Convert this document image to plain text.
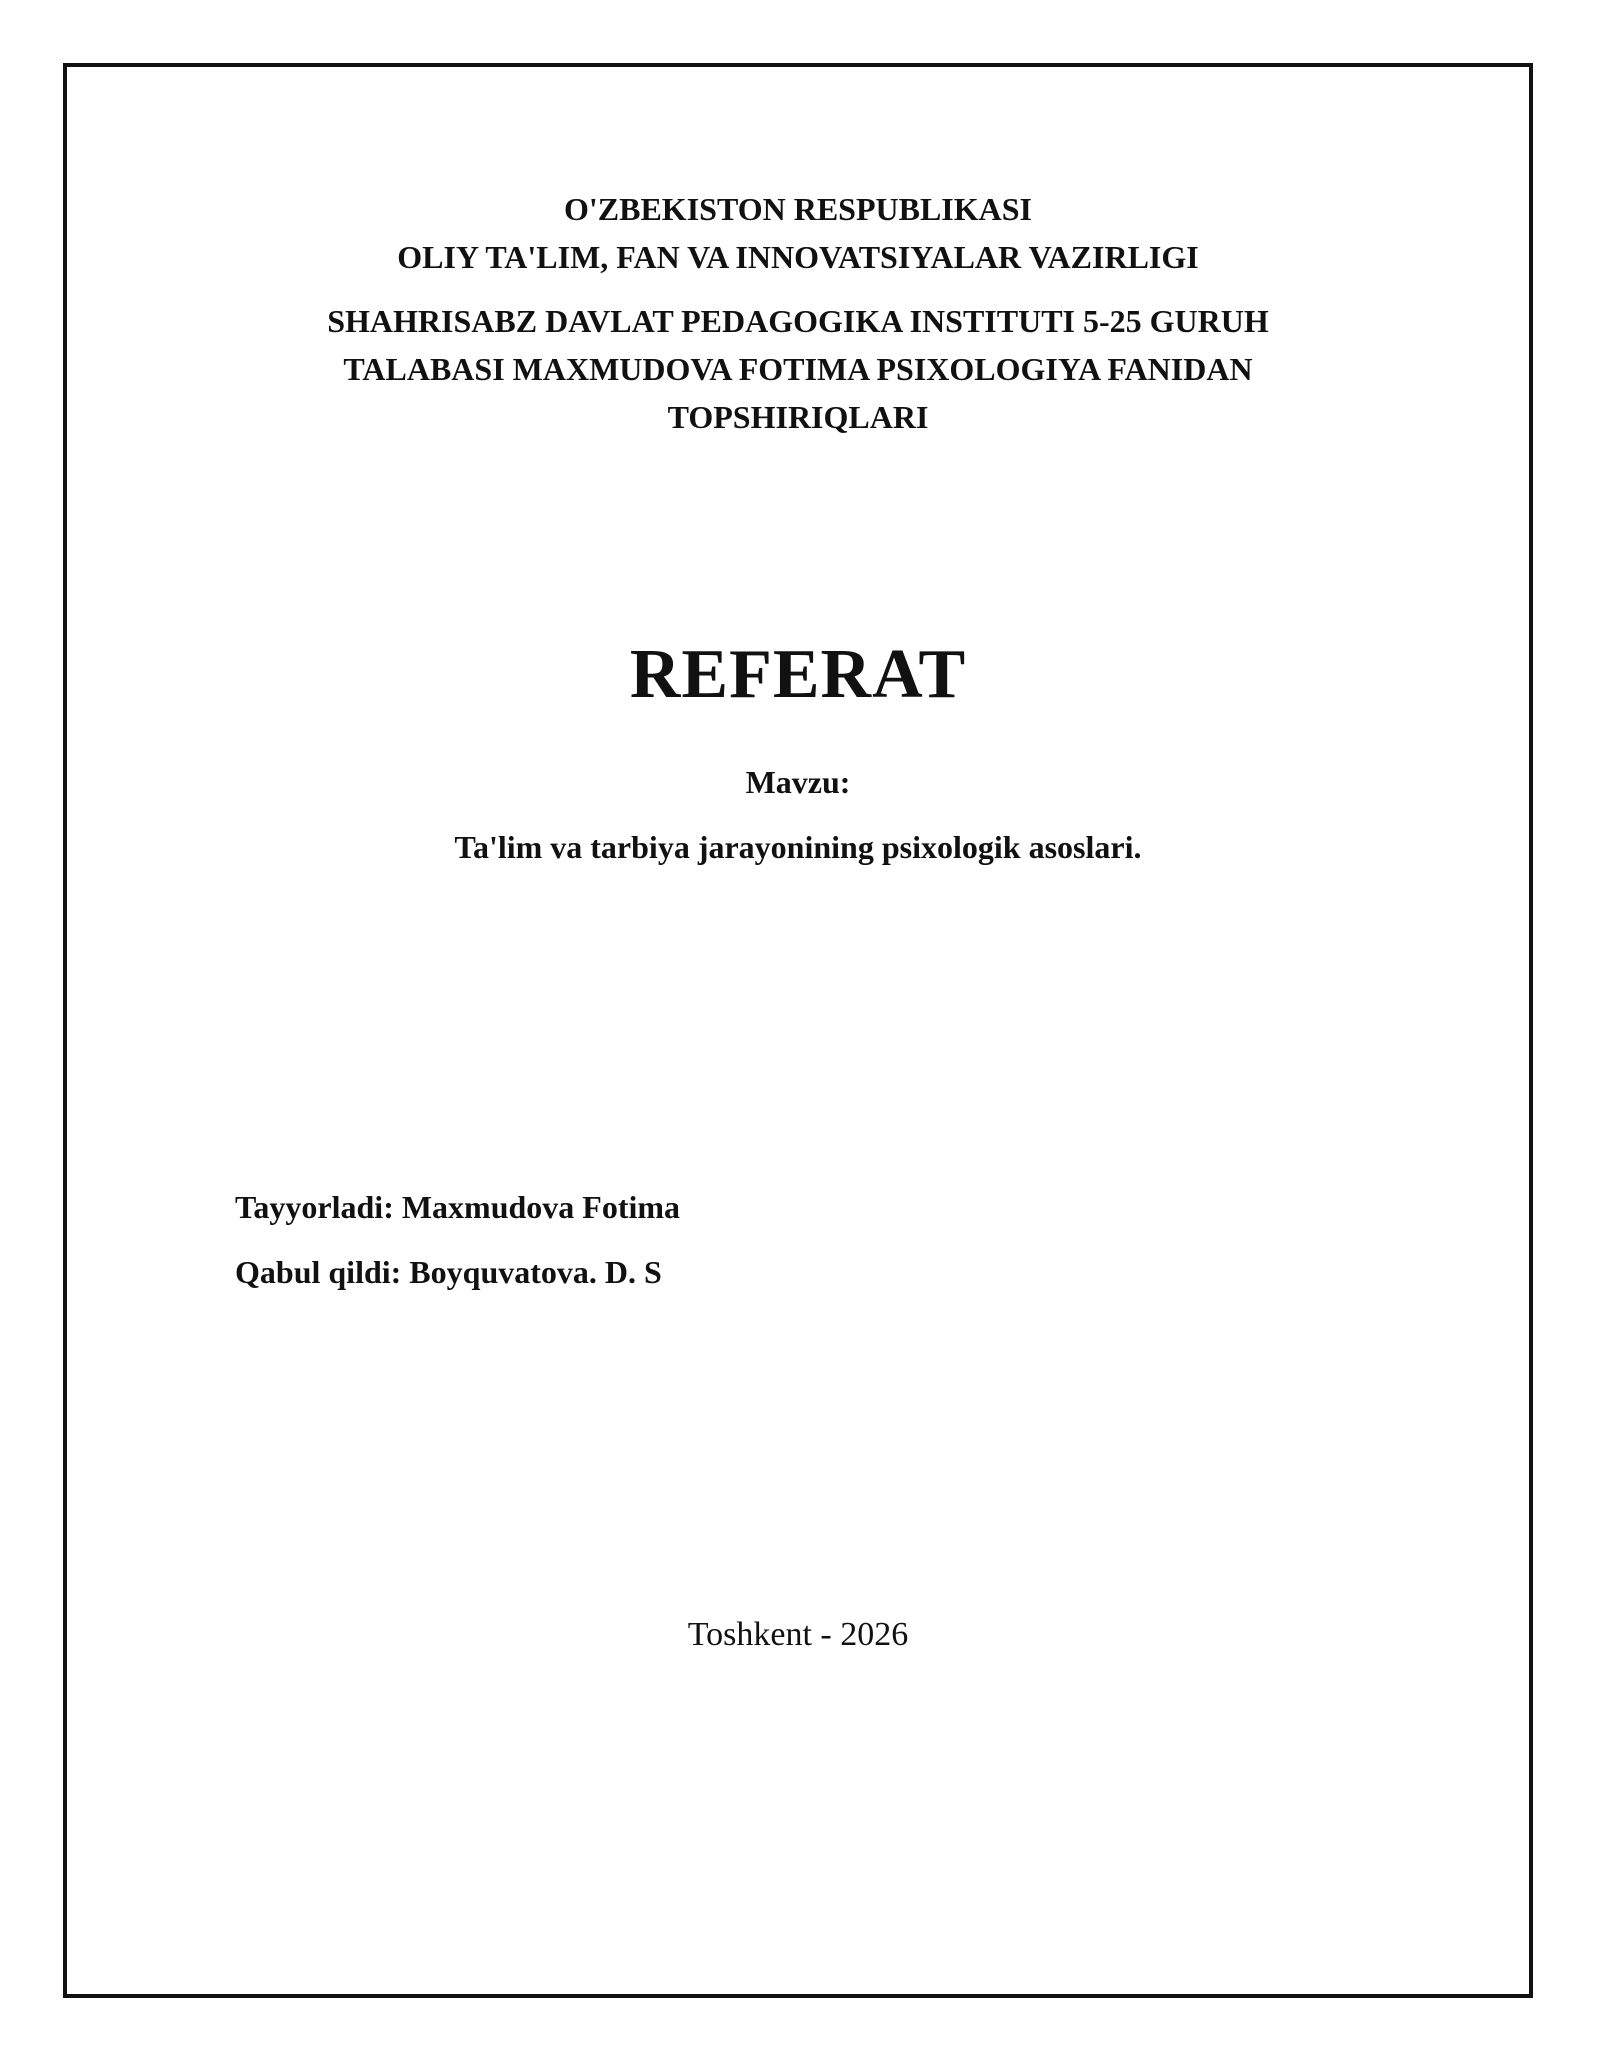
O'ZBEKISTON RESPUBLIKASI
OLIY TA'LIM, FAN VA INNOVATSIYALAR VAZIRLIGI
SHAHRISABZ DAVLAT PEDAGOGIKA INSTITUTI 5-25 GURUH
TALABASI MAXMUDOVA FOTIMA PSIXOLOGIYA FANIDAN
TOPSHIRIQLARI
REFERAT
Mavzu:
Ta'lim va tarbiya jarayonining psixologik asoslari.
Tayyorladi: Maxmudova Fotima
Qabul qildi: Boyquvatova. D. S
Toshkent - 2026
